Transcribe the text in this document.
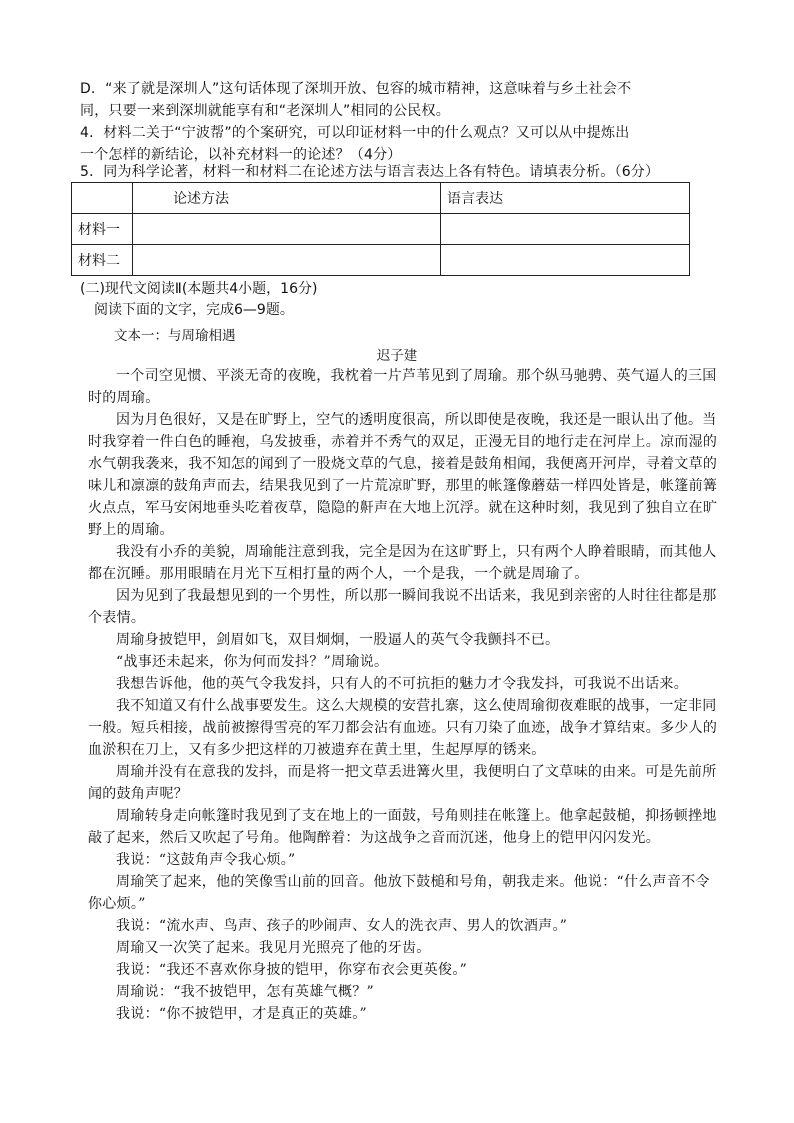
D．“来了就是深圳人”这句话体现了深圳开放、包容的城市精神，这意味着与乡土社会不

同，只要一来到深圳就能享有和“老深圳人”相同的公民权。

4．材料二关于“宁波帮”的个案研究，可以印证材料一中的什么观点？又可以从中提炼出

一个怎样的新结论，以补充材料一的论述？（4分）

5．同为科学论著，材料一和材料二在论述方法与语言表达上各有特色。请填表分析。（6分）

	论述方法	语言表达
材料一		
材料二		
(二)现代文阅读Ⅱ(本题共4小题，16分)
阅读下面的文字，完成6—9题。
文本一：与周瑜相遇
迟子建

一个司空见惯、平淡无奇的夜晚，我枕着一片芦苇见到了周瑜。那个纵马驰骋、英气逼人的三国时的周瑜。

因为月色很好，又是在旷野上，空气的透明度很高，所以即使是夜晚，我还是一眼认出了他。当时我穿着一件白色的睡袍，乌发披垂，赤着并不秀气的双足，正漫无目的地行走在河岸上。凉而湿的水气朝我袭来，我不知怎的闻到了一股烧文草的气息，接着是鼓角相闻，我便离开河岸，寻着文草的味儿和凛凛的鼓角声而去，结果我见到了一片荒凉旷野，那里的帐篷像蘑菇一样四处皆是，帐篷前篝火点点，军马安闲地垂头吃着夜草，隐隐的鼾声在大地上沉浮。就在这种时刻，我见到了独自立在旷野上的周瑜。

我没有小乔的美貌，周瑜能注意到我，完全是因为在这旷野上，只有两个人睁着眼睛，而其他人都在沉睡。那用眼睛在月光下互相打量的两个人，一个是我，一个就是周瑜了。

因为见到了我最想见到的一个男性，所以那一瞬间我说不出话来，我见到亲密的人时往往都是那个表情。

周瑜身披铠甲，剑眉如飞，双目炯炯，一股逼人的英气令我颤抖不已。

“战事还未起来，你为何而发抖？”周瑜说。

我想告诉他，他的英气令我发抖，只有人的不可抗拒的魅力才令我发抖，可我说不出话来。

我不知道又有什么战事要发生。这么大规模的安营扎寨，这么使周瑜彻夜难眠的战事，一定非同一般。短兵相接，战前被擦得雪亮的军刀都会沾有血迹。只有刀染了血迹，战争才算结束。多少人的血淤积在刀上，又有多少把这样的刀被遗弃在黄土里，生起厚厚的锈来。

周瑜并没有在意我的发抖，而是将一把文草丢进篝火里，我便明白了文草味的由来。可是先前所闻的鼓角声呢？

周瑜转身走向帐篷时我见到了支在地上的一面鼓，号角则挂在帐篷上。他拿起鼓槌，抑扬顿挫地敲了起来，然后又吹起了号角。他陶醉着：为这战争之音而沉迷，他身上的铠甲闪闪发光。

我说：“这鼓角声令我心烦。”

周瑜笑了起来，他的笑像雪山前的回音。他放下鼓槌和号角，朝我走来。他说：“什么声音不令你心烦。”

我说：“流水声、鸟声、孩子的吵闹声、女人的洗衣声、男人的饮酒声。”

周瑜又一次笑了起来。我见月光照亮了他的牙齿。

我说：“我还不喜欢你身披的铠甲，你穿布衣会更英俊。”

周瑜说：“我不披铠甲，怎有英雄气概？”

我说：“你不披铠甲，才是真正的英雄。”
